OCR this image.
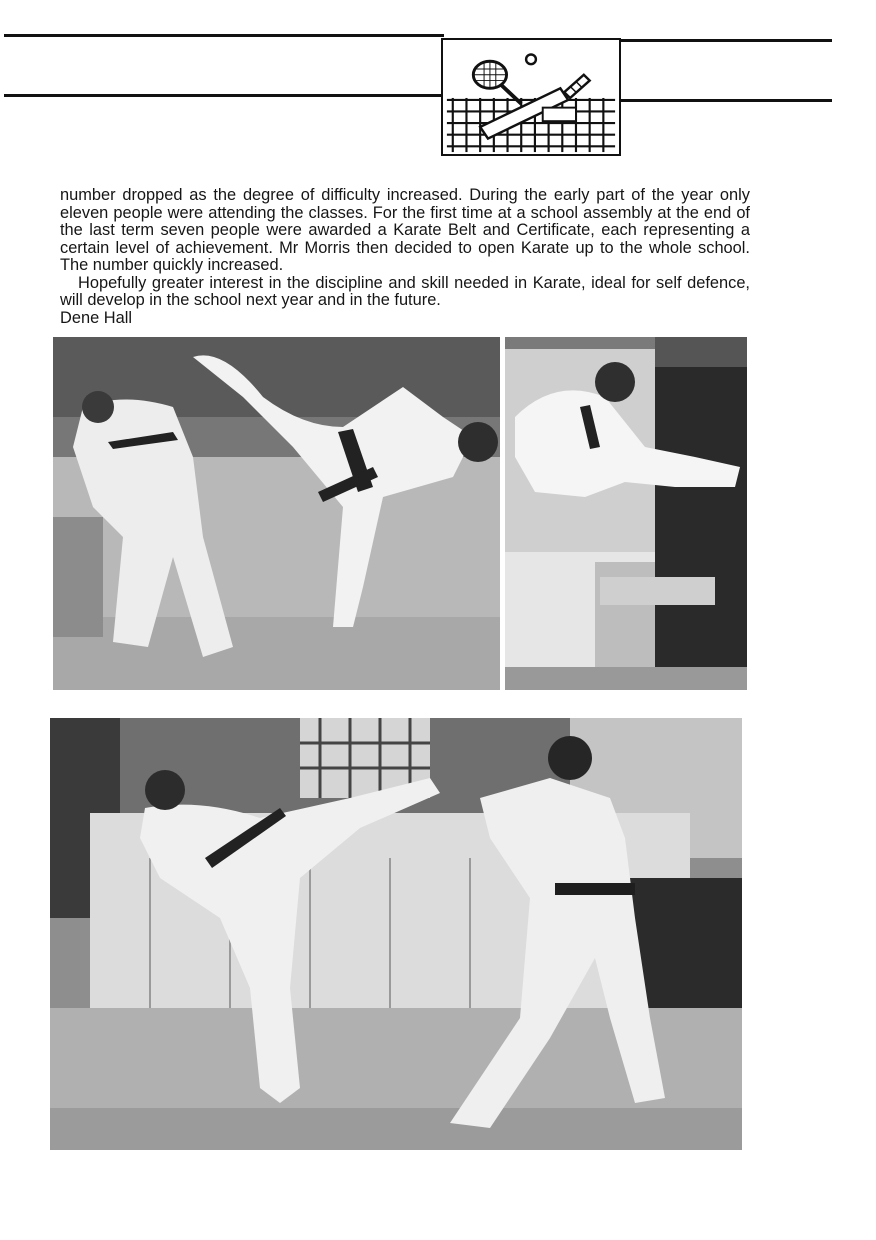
number dropped as the degree of difficulty increased. During the early part of the year only eleven people were attending the classes. For the first time at a school assembly at the end of the last term seven people were awarded a Karate Belt and Certificate, each representing a certain level of achievement. Mr Morris then decided to open Karate up to the whole school. The number quickly increased.

Hopefully greater interest in the discipline and skill needed in Karate, ideal for self defence, will develop in the school next year and in the future.

Dene Hall
